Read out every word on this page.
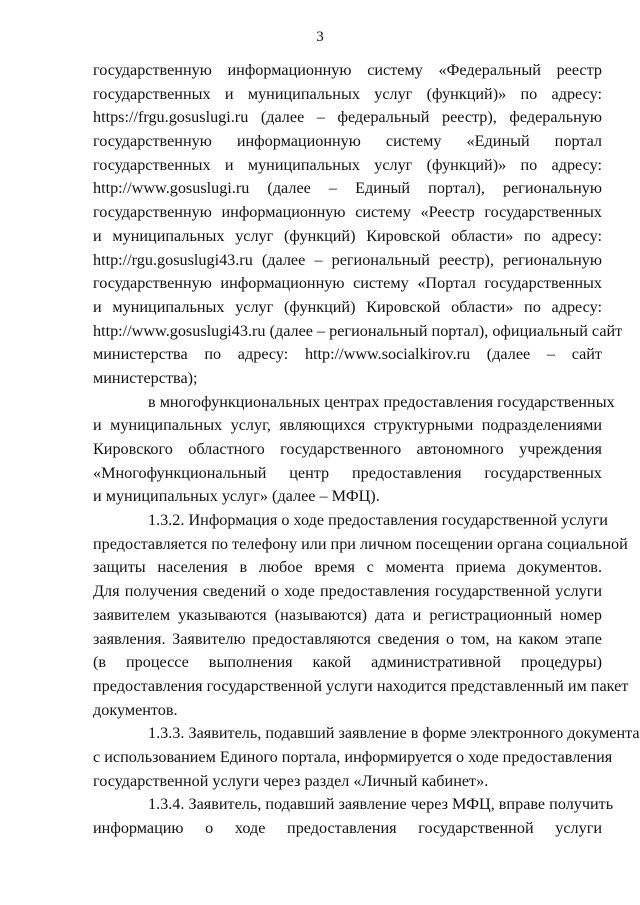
3
государственную информационную систему «Федеральный реестр
государственных и муниципальных услуг (функций)» по адресу:
https://frgu.gosuslugi.ru (далее – федеральный реестр), федеральную
государственную информационную систему «Единый портал
государственных и муниципальных услуг (функций)» по адресу:
http://www.gosuslugi.ru (далее – Единый портал), региональную
государственную информационную систему «Реестр государственных
и муниципальных услуг (функций) Кировской области» по адресу:
http://rgu.gosuslugi43.ru (далее – региональный реестр), региональную
государственную информационную систему «Портал государственных
и муниципальных услуг (функций) Кировской области» по адресу:
http://www.gosuslugi43.ru (далее – региональный портал), официальный сайт
министерства по адресу: http://www.socialkirov.ru (далее – сайт
министерства);
в многофункциональных центрах предоставления государственных
и муниципальных услуг, являющихся структурными подразделениями
Кировского областного государственного автономного учреждения
«Многофункциональный центр предоставления государственных
и муниципальных услуг» (далее – МФЦ).
1.3.2. Информация о ходе предоставления государственной услуги
предоставляется по телефону или при личном посещении органа социальной
защиты населения в любое время с момента приема документов.
Для получения сведений о ходе предоставления государственной услуги
заявителем указываются (называются) дата и регистрационный номер
заявления. Заявителю предоставляются сведения о том, на каком этапе
(в процессе выполнения какой административной процедуры)
предоставления государственной услуги находится представленный им пакет
документов.
1.3.3. Заявитель, подавший заявление в форме электронного документа
с использованием Единого портала, информируется о ходе предоставления
государственной услуги через раздел «Личный кабинет».
1.3.4. Заявитель, подавший заявление через МФЦ, вправе получить
информацию о ходе предоставления государственной услуги
